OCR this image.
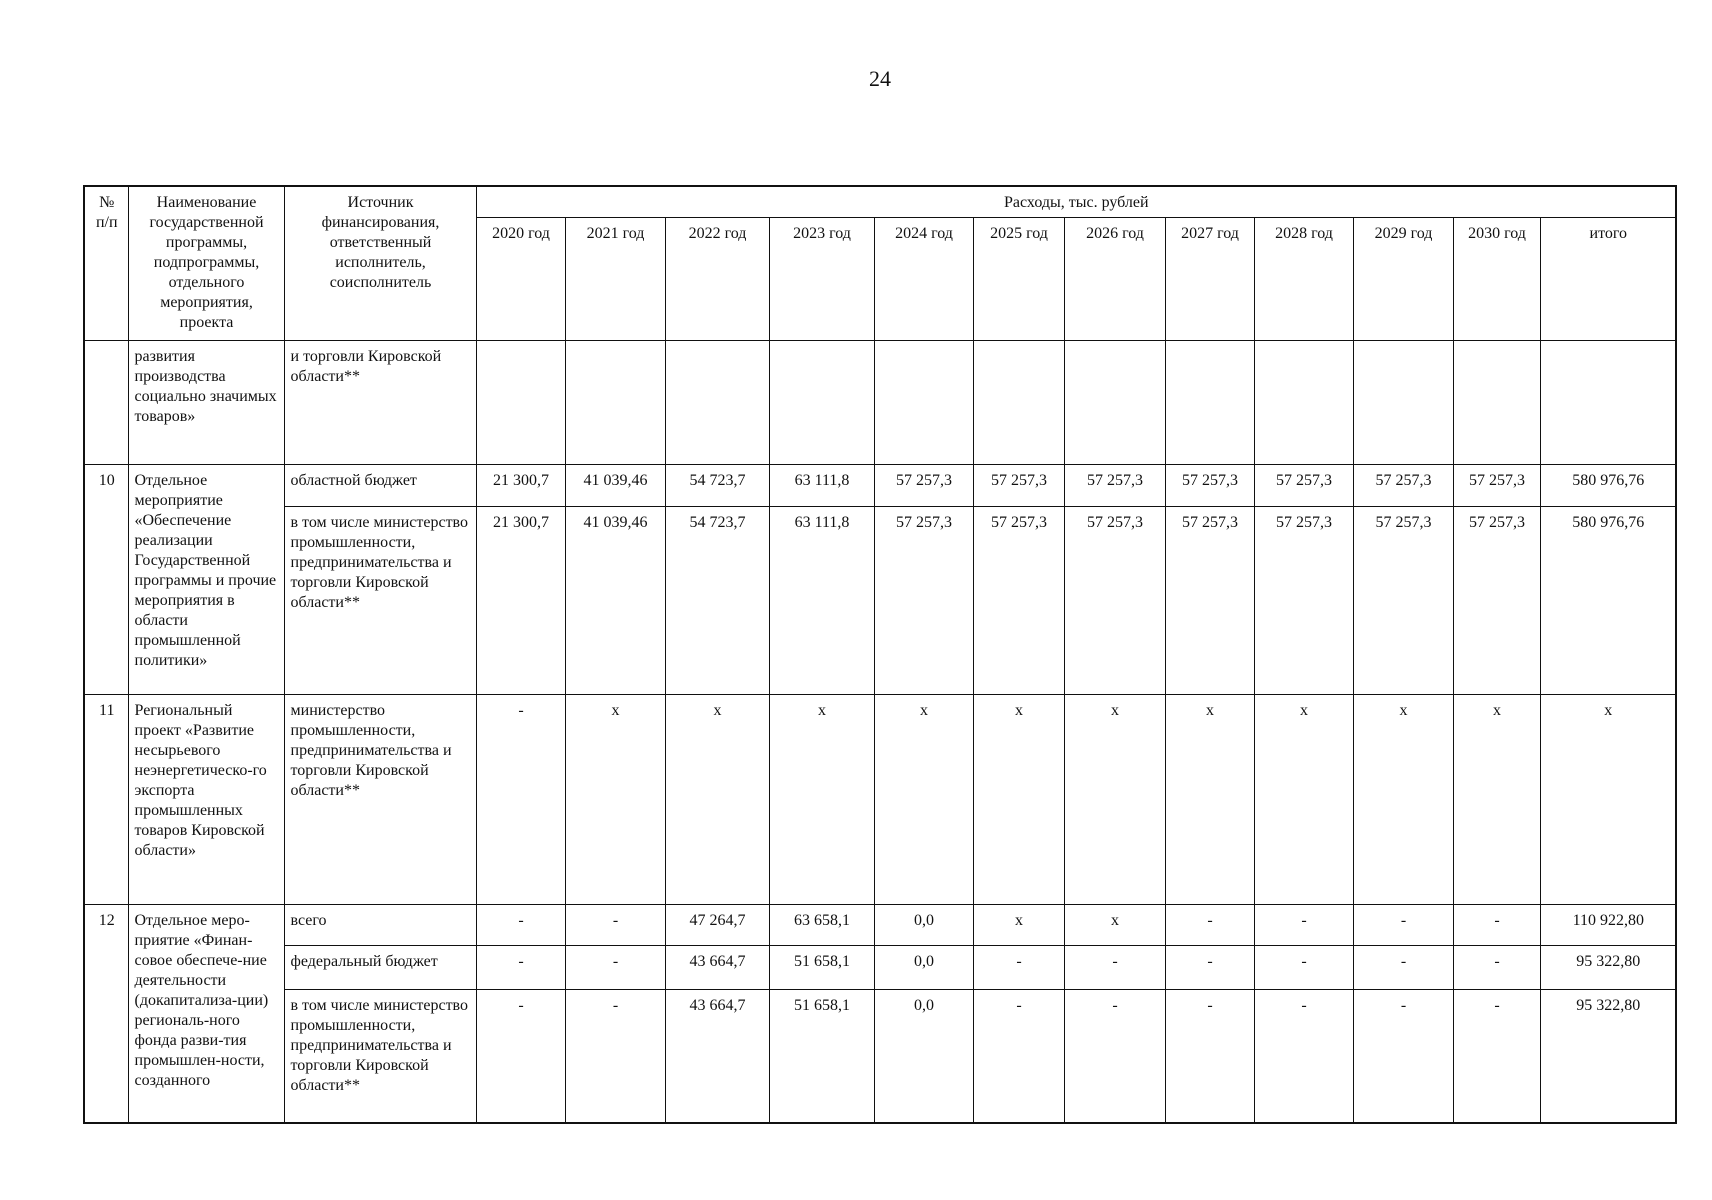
24
№ п/п	Наименование государственной программы, подпрограммы, отдельного мероприятия, проекта	Источник финансирования, ответственный исполнитель, соисполнитель	Расходы, тыс. рублей											
			2020 год	2021 год	2022 год	2023 год	2024 год	2025 год	2026 год	2027 год	2028 год	2029 год	2030 год	итого
	развития производства социально значимых товаров»	и торговли Кировской области**												
10	Отдельное мероприятие «Обеспечение реализации Государственной программы и прочие мероприятия в области промышленной политики»	областной бюджет	21 300,7	41 039,46	54 723,7	63 111,8	57 257,3	57 257,3	57 257,3	57 257,3	57 257,3	57 257,3	57 257,3	580 976,76
		в том числе министерство промышленности, предпринимательства и торговли Кировской области**	21 300,7	41 039,46	54 723,7	63 111,8	57 257,3	57 257,3	57 257,3	57 257,3	57 257,3	57 257,3	57 257,3	580 976,76
11	Региональный проект «Развитие несырьевого неэнергетическо-го экспорта промышленных товаров Кировской области»	министерство промышленности, предпринимательства и торговли Кировской области**	-	х	х	х	х	х	х	х	х	х	х	х
12	Отдельное меро-приятие «Финан-совое обеспече-ние деятельности (докапитализа-ции) региональ-ного фонда разви-тия промышлен-ности, созданного	всего	-	-	47 264,7	63 658,1	0,0	х	х	-	-	-	-	110 922,80
		федеральный бюджет	-	-	43 664,7	51 658,1	0,0	-	-	-	-	-	-	95 322,80
		в том числе министерство промышленности, предпринимательства и торговли Кировской области**	-	-	43 664,7	51 658,1	0,0	-	-	-	-	-	-	95 322,80
